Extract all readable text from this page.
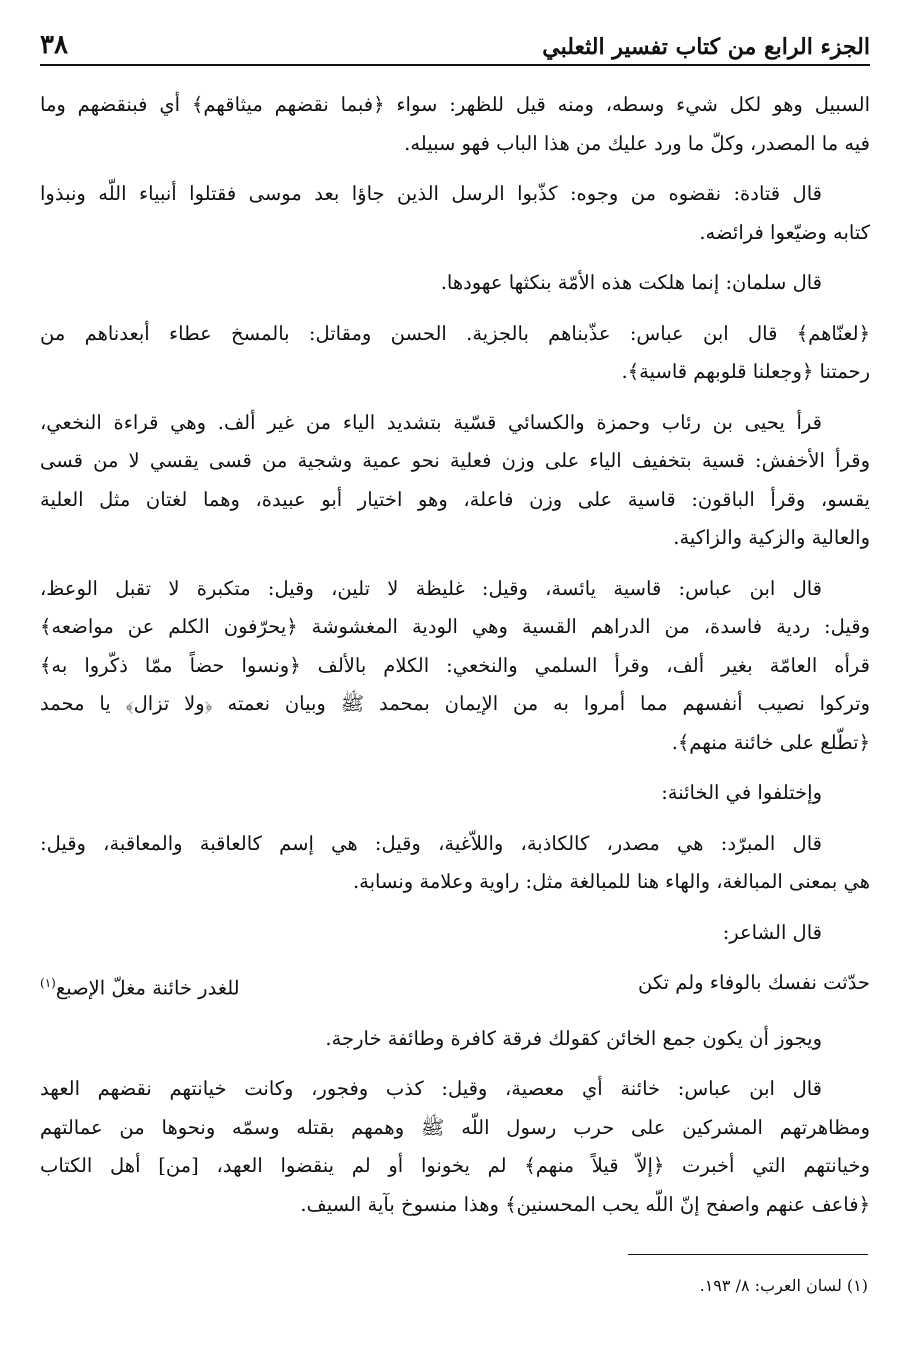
الجزء الرابع من كتاب تفسير الثعلبي
٣٨

السبيل وهو لكل شيء وسطه، ومنه قيل للظهر: سواء ﴿فبما نقضهم ميثاقهم﴾ أي فبنقضهم وما
فيه ما المصدر، وكلّ ما ورد عليك من هذا الباب فهو سبيله.

قال قتادة: نقضوه من وجوه: كذّبوا الرسل الذين جاؤا بعد موسى فقتلوا أنبياء اللّه ونبذوا
كتابه وضيّعوا فرائضه.

قال سلمان: إنما هلكت هذه الأمّة بنكثها عهودها.

﴿لعنّاهم﴾ قال ابن عباس: عذّبناهم بالجزية. الحسن ومقاتل: بالمسخ عطاء أبعدناهم من
رحمتنا ﴿وجعلنا قلوبهم قاسية﴾.

قرأ يحيى بن رئاب وحمزة والكسائي قسّية بتشديد الياء من غير ألف. وهي قراءة النخعي،
وقرأ الأخفش: قسية بتخفيف الياء على وزن فعلية نحو عمية وشجية من قسى يقسي لا من قسى
يقسو، وقرأ الباقون: قاسية على وزن فاعلة، وهو اختيار أبو عبيدة، وهما لغتان مثل العلية
والعالية والزكية والزاكية.

قال ابن عباس: قاسية يائسة، وقيل: غليظة لا تلين، وقيل: متكبرة لا تقبل الوعظ،
وقيل: ردية فاسدة، من الدراهم القسية وهي الودية المغشوشة ﴿يحرّفون الكلم عن مواضعه﴾
قرأه العامّة بغير ألف، وقرأ السلمي والنخعي: الكلام بالألف ﴿ونسوا حضاً ممّا ذكّروا به﴾
وتركوا نصيب أنفسهم مما أمروا به من الإيمان بمحمد ﷺ وبيان نعمته ﴿ولا تزال﴾ يا محمد
﴿تطّلع على خائنة منهم﴾.

وإختلفوا في الخائنة:

قال المبرّد: هي مصدر، كالكاذبة، واللاّغية، وقيل: هي إسم كالعاقبة والمعاقبة، وقيل:
هي بمعنى المبالغة، والهاء هنا للمبالغة مثل: راوية وعلامة ونسابة.

قال الشاعر:

حدّثت نفسك بالوفاء ولم تكن
للغدر خائنة مغلّ الإصبع$^{(١)}$

ويجوز أن يكون جمع الخائن كقولك فرقة كافرة وطائفة خارجة.

قال ابن عباس: خائنة أي معصية، وقيل: كذب وفجور، وكانت خيانتهم نقضهم العهد
ومظاهرتهم المشركين على حرب رسول اللّه ﷺ وهمهم بقتله وسمّه ونحوها من عمالتهم
وخيانتهم التي أخبرت ﴿إلاّ قيلاً منهم﴾ لم يخونوا أو لم ينقضوا العهد، [من] أهل الكتاب
﴿فاعف عنهم واصفح إنّ اللّه يحب المحسنين﴾ وهذا منسوخ بآية السيف.

(١) لسان العرب: ٨/ ١٩٣.
